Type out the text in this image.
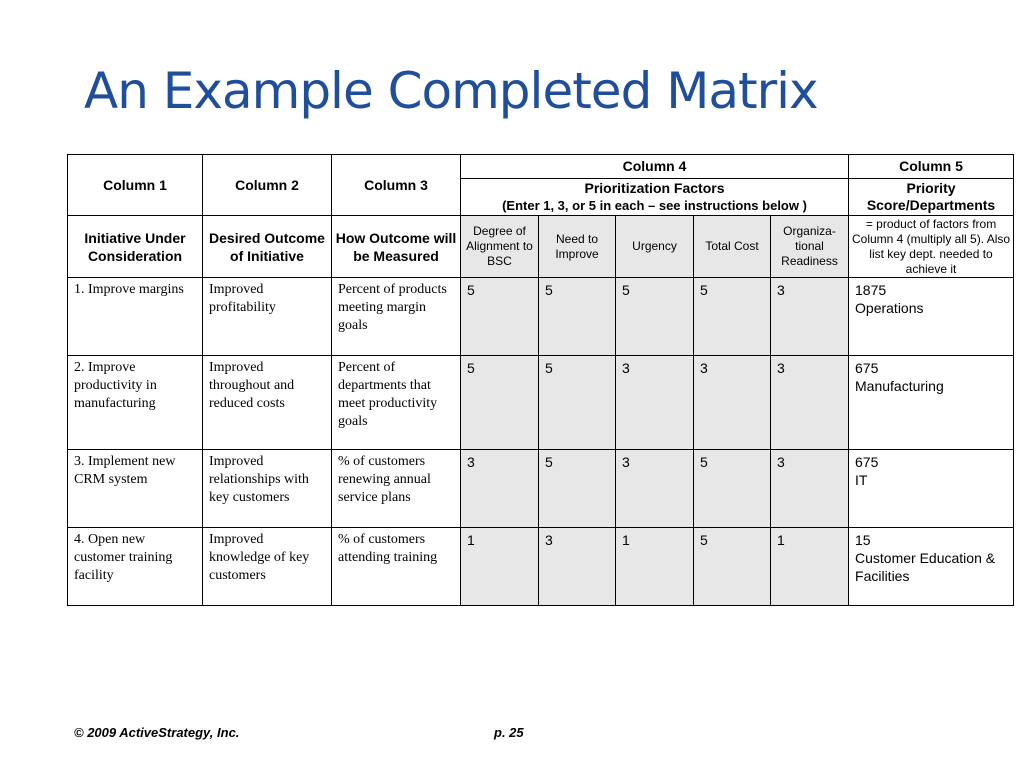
An Example Completed Matrix
Column 1	Column 2	Column 3	Column 4					Column 5

			Prioritization Factors
(Enter 1, 3, or 5 in each – see instructions below )					Priority Score/Departments
Initiative Under Consideration	Desired Outcome of Initiative	How Outcome will be Measured	Degree of Alignment to BSC	Need to Improve	Urgency	Total Cost	Organiza-tional Readiness	= product of factors from Column 4 (multiply all 5). Also list key dept. needed to achieve it
1. Improve margins	Improved profitability	Percent of products meeting margin goals	5	5	5	5	3	1875
Operations

2. Improve productivity in manufacturing	Improved throughout and reduced costs	Percent of departments that meet productivity goals	5	5	3	3	3	675
Manufacturing

3. Implement new CRM system	Improved relationships with key customers	% of customers renewing annual service plans	3	5	3	5	3	675
IT

4. Open new customer training facility	Improved knowledge of key customers	% of customers attending training	1	3	1	5	1	15
Customer Education & Facilities
© 2009 ActiveStrategy, Inc.	p. 25
